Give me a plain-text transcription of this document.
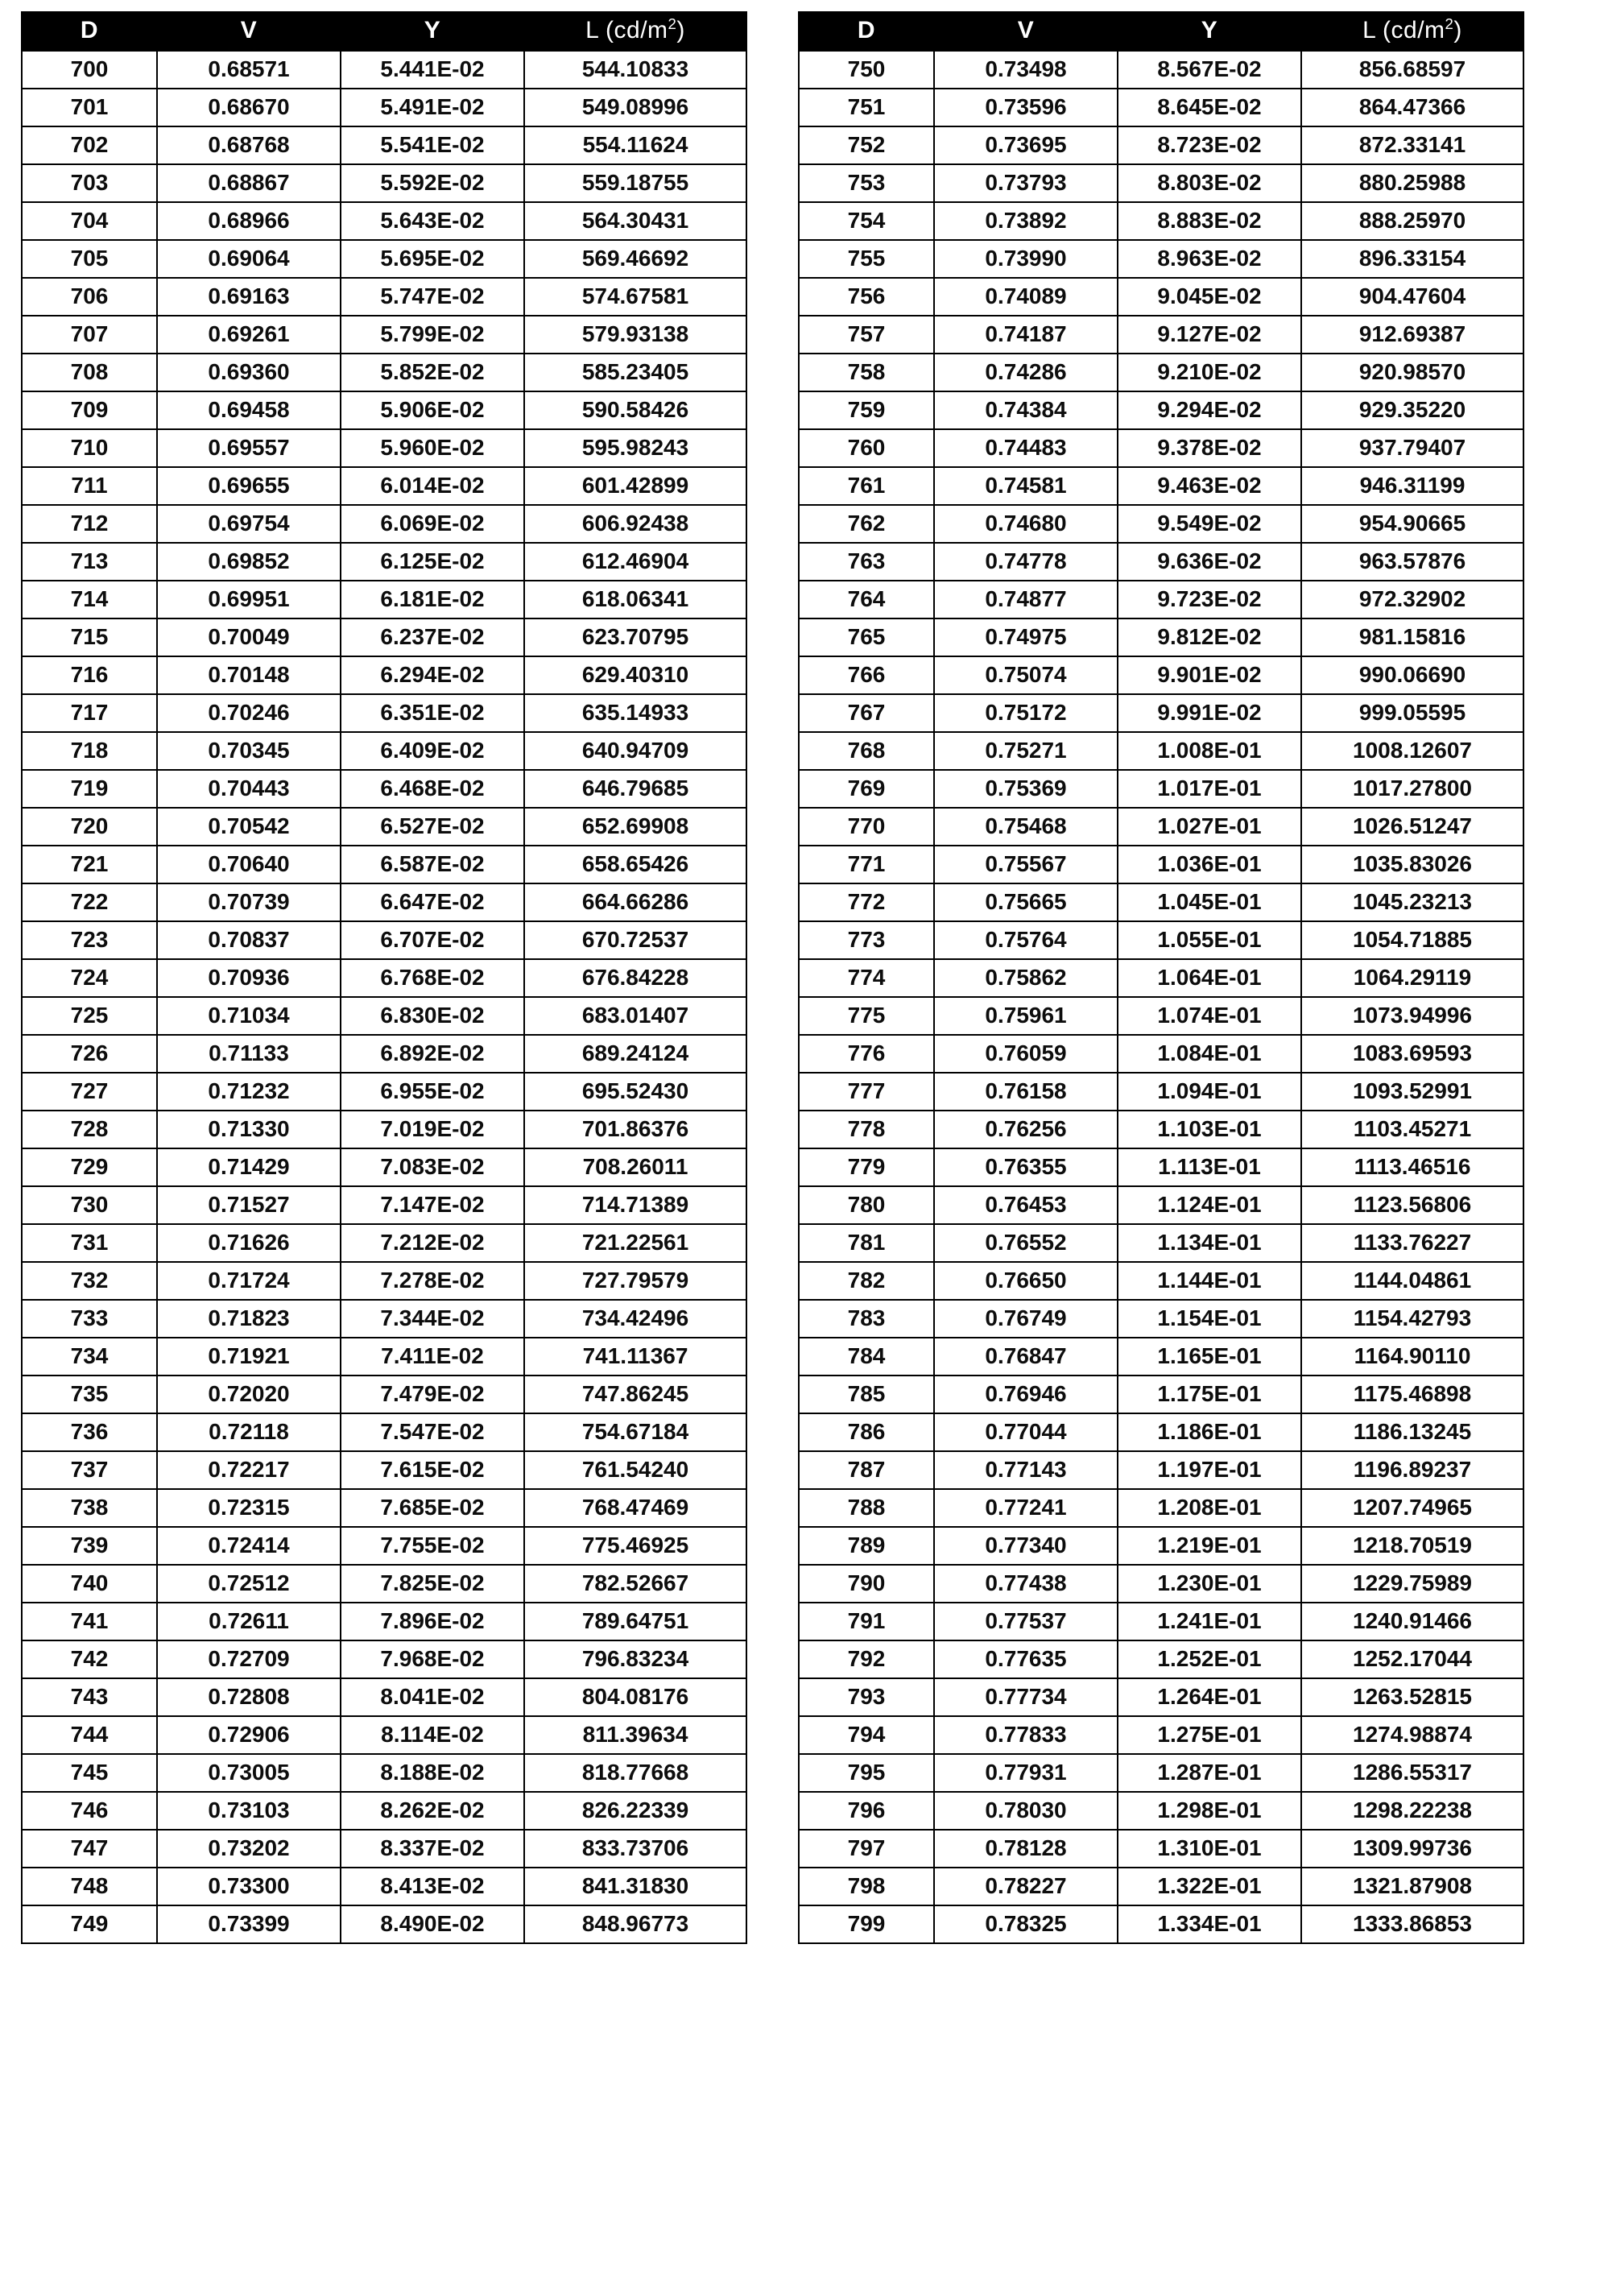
D	V	Y	L $(cd/m^2)$
700	0.68571	5.441E-02	544.10833
701	0.68670	5.491E-02	549.08996
702	0.68768	5.541E-02	554.11624
703	0.68867	5.592E-02	559.18755
704	0.68966	5.643E-02	564.30431
705	0.69064	5.695E-02	569.46692
706	0.69163	5.747E-02	574.67581
707	0.69261	5.799E-02	579.93138
708	0.69360	5.852E-02	585.23405
709	0.69458	5.906E-02	590.58426
710	0.69557	5.960E-02	595.98243
711	0.69655	6.014E-02	601.42899
712	0.69754	6.069E-02	606.92438
713	0.69852	6.125E-02	612.46904
714	0.69951	6.181E-02	618.06341
715	0.70049	6.237E-02	623.70795
716	0.70148	6.294E-02	629.40310
717	0.70246	6.351E-02	635.14933
718	0.70345	6.409E-02	640.94709
719	0.70443	6.468E-02	646.79685
720	0.70542	6.527E-02	652.69908
721	0.70640	6.587E-02	658.65426
722	0.70739	6.647E-02	664.66286
723	0.70837	6.707E-02	670.72537
724	0.70936	6.768E-02	676.84228
725	0.71034	6.830E-02	683.01407
726	0.71133	6.892E-02	689.24124
727	0.71232	6.955E-02	695.52430
728	0.71330	7.019E-02	701.86376
729	0.71429	7.083E-02	708.26011
730	0.71527	7.147E-02	714.71389
731	0.71626	7.212E-02	721.22561
732	0.71724	7.278E-02	727.79579
733	0.71823	7.344E-02	734.42496
734	0.71921	7.411E-02	741.11367
735	0.72020	7.479E-02	747.86245
736	0.72118	7.547E-02	754.67184
737	0.72217	7.615E-02	761.54240
738	0.72315	7.685E-02	768.47469
739	0.72414	7.755E-02	775.46925
740	0.72512	7.825E-02	782.52667
741	0.72611	7.896E-02	789.64751
742	0.72709	7.968E-02	796.83234
743	0.72808	8.041E-02	804.08176
744	0.72906	8.114E-02	811.39634
745	0.73005	8.188E-02	818.77668
746	0.73103	8.262E-02	826.22339
747	0.73202	8.337E-02	833.73706
748	0.73300	8.413E-02	841.31830
749	0.73399	8.490E-02	848.96773
D	V	Y	L $(cd/m^2)$
750	0.73498	8.567E-02	856.68597
751	0.73596	8.645E-02	864.47366
752	0.73695	8.723E-02	872.33141
753	0.73793	8.803E-02	880.25988
754	0.73892	8.883E-02	888.25970
755	0.73990	8.963E-02	896.33154
756	0.74089	9.045E-02	904.47604
757	0.74187	9.127E-02	912.69387
758	0.74286	9.210E-02	920.98570
759	0.74384	9.294E-02	929.35220
760	0.74483	9.378E-02	937.79407
761	0.74581	9.463E-02	946.31199
762	0.74680	9.549E-02	954.90665
763	0.74778	9.636E-02	963.57876
764	0.74877	9.723E-02	972.32902
765	0.74975	9.812E-02	981.15816
766	0.75074	9.901E-02	990.06690
767	0.75172	9.991E-02	999.05595
768	0.75271	1.008E-01	1008.12607
769	0.75369	1.017E-01	1017.27800
770	0.75468	1.027E-01	1026.51247
771	0.75567	1.036E-01	1035.83026
772	0.75665	1.045E-01	1045.23213
773	0.75764	1.055E-01	1054.71885
774	0.75862	1.064E-01	1064.29119
775	0.75961	1.074E-01	1073.94996
776	0.76059	1.084E-01	1083.69593
777	0.76158	1.094E-01	1093.52991
778	0.76256	1.103E-01	1103.45271
779	0.76355	1.113E-01	1113.46516
780	0.76453	1.124E-01	1123.56806
781	0.76552	1.134E-01	1133.76227
782	0.76650	1.144E-01	1144.04861
783	0.76749	1.154E-01	1154.42793
784	0.76847	1.165E-01	1164.90110
785	0.76946	1.175E-01	1175.46898
786	0.77044	1.186E-01	1186.13245
787	0.77143	1.197E-01	1196.89237
788	0.77241	1.208E-01	1207.74965
789	0.77340	1.219E-01	1218.70519
790	0.77438	1.230E-01	1229.75989
791	0.77537	1.241E-01	1240.91466
792	0.77635	1.252E-01	1252.17044
793	0.77734	1.264E-01	1263.52815
794	0.77833	1.275E-01	1274.98874
795	0.77931	1.287E-01	1286.55317
796	0.78030	1.298E-01	1298.22238
797	0.78128	1.310E-01	1309.99736
798	0.78227	1.322E-01	1321.87908
799	0.78325	1.334E-01	1333.86853
